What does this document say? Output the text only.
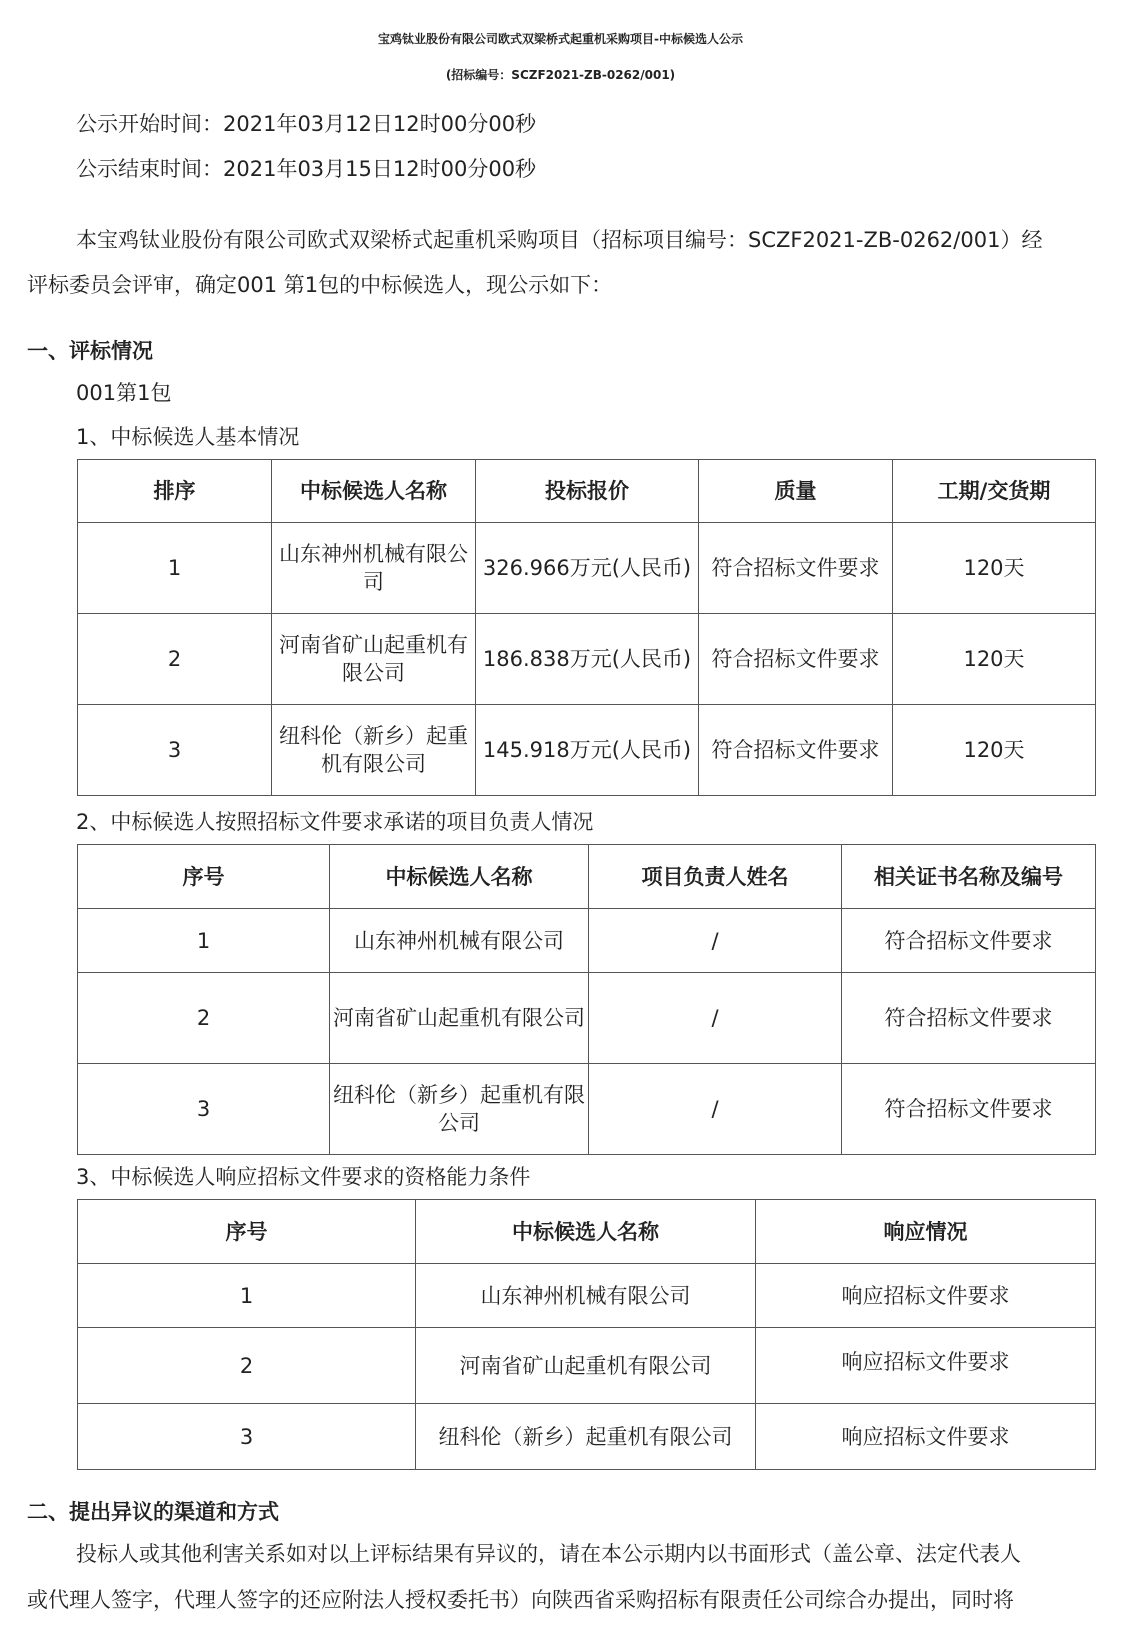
宝鸡钛业股份有限公司欧式双梁桥式起重机采购项目-中标候选人公示
(招标编号：SCZF2021-ZB-0262/001)
公示开始时间：2021年03月12日12时00分00秒
公示结束时间：2021年03月15日12时00分00秒
本宝鸡钛业股份有限公司欧式双梁桥式起重机采购项目（招标项目编号：SCZF2021-ZB-0262/001）经
评标委员会评审，确定001 第1包的中标候选人，现公示如下：
一、评标情况
001第1包
1、中标候选人基本情况
排序	中标候选人名称	投标报价	质量	工期/交货期
1	山东神州机械有限公司	326.966万元(人民币)	符合招标文件要求	120天
2	河南省矿山起重机有限公司	186.838万元(人民币)	符合招标文件要求	120天
3	纽科伦（新乡）起重机有限公司	145.918万元(人民币)	符合招标文件要求	120天
2、中标候选人按照招标文件要求承诺的项目负责人情况
序号	中标候选人名称	项目负责人姓名	相关证书名称及编号
1	山东神州机械有限公司	/	符合招标文件要求
2	河南省矿山起重机有限公司	/	符合招标文件要求
3	纽科伦（新乡）起重机有限公司	/	符合招标文件要求
3、中标候选人响应招标文件要求的资格能力条件
序号	中标候选人名称	响应情况
1	山东神州机械有限公司	响应招标文件要求
2	河南省矿山起重机有限公司	响应招标文件要求
3	纽科伦（新乡）起重机有限公司	响应招标文件要求
二、提出异议的渠道和方式
投标人或其他利害关系如对以上评标结果有异议的，请在本公示期内以书面形式（盖公章、法定代表人
或代理人签字，代理人签字的还应附法人授权委托书）向陕西省采购招标有限责任公司综合办提出，同时将
